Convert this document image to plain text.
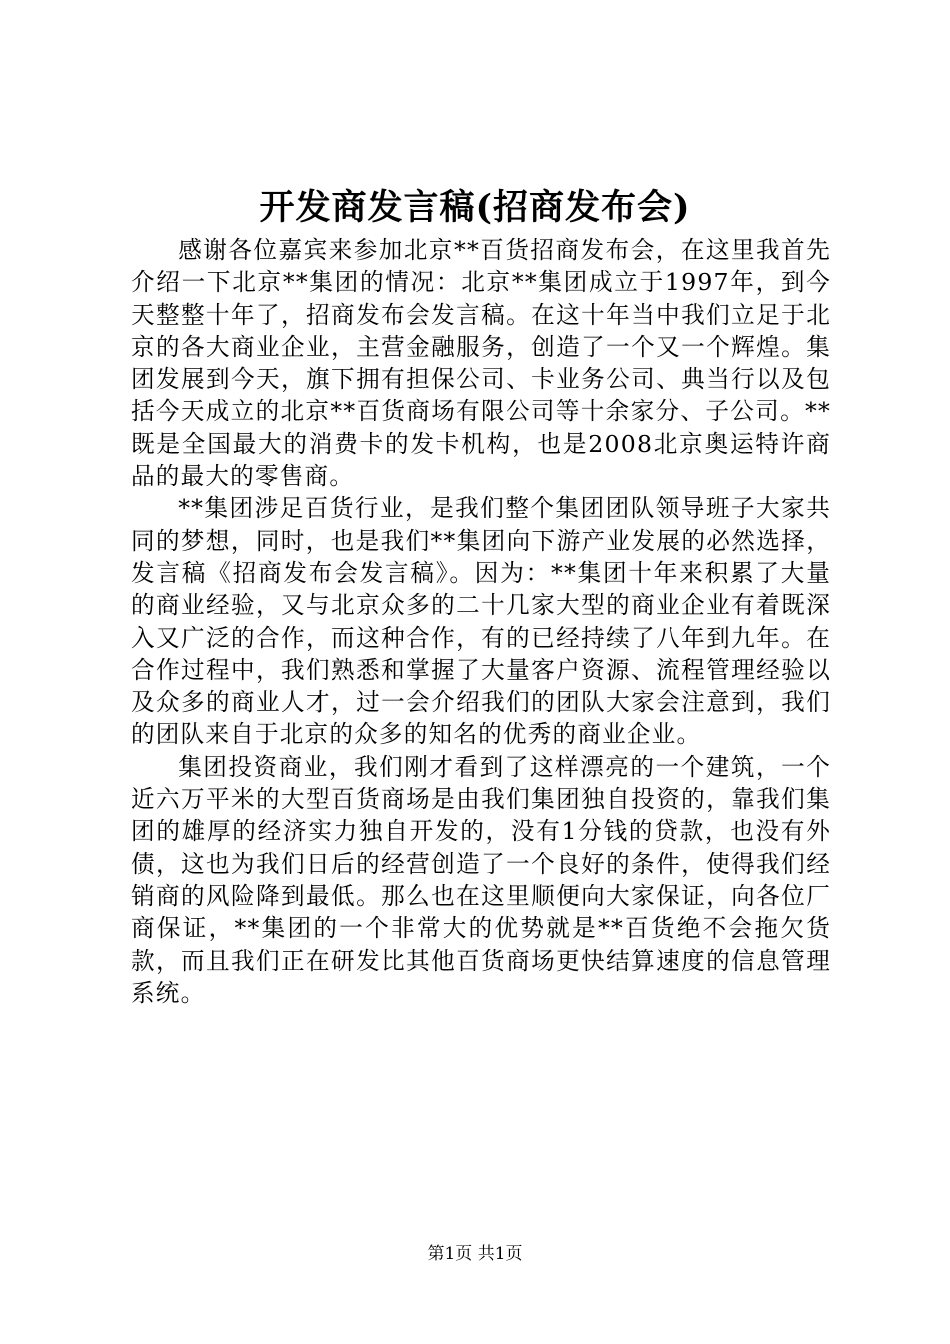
开发商发言稿(招商发布会)

感谢各位嘉宾来参加北京**百货招商发布会，在这里我首先介绍一下北京**集团的情况：北京**集团成立于1997年，到今天整整十年了，招商发布会发言稿。在这十年当中我们立足于北京的各大商业企业，主营金融服务，创造了一个又一个辉煌。集团发展到今天，旗下拥有担保公司、卡业务公司、典当行以及包括今天成立的北京**百货商场有限公司等十余家分、子公司。**既是全国最大的消费卡的发卡机构，也是2008北京奥运特许商品的最大的零售商。

**集团涉足百货行业，是我们整个集团团队领导班子大家共同的梦想，同时，也是我们**集团向下游产业发展的必然选择，发言稿《招商发布会发言稿》。因为：**集团十年来积累了大量的商业经验，又与北京众多的二十几家大型的商业企业有着既深入又广泛的合作，而这种合作，有的已经持续了八年到九年。在合作过程中，我们熟悉和掌握了大量客户资源、流程管理经验以及众多的商业人才，过一会介绍我们的团队大家会注意到，我们的团队来自于北京的众多的知名的优秀的商业企业。

集团投资商业，我们刚才看到了这样漂亮的一个建筑，一个近六万平米的大型百货商场是由我们集团独自投资的，靠我们集团的雄厚的经济实力独自开发的，没有1分钱的贷款，也没有外债，这也为我们日后的经营创造了一个良好的条件，使得我们经销商的风险降到最低。那么也在这里顺便向大家保证，向各位厂商保证，**集团的一个非常大的优势就是**百货绝不会拖欠货款，而且我们正在研发比其他百货商场更快结算速度的信息管理系统。

第1页 共1页
